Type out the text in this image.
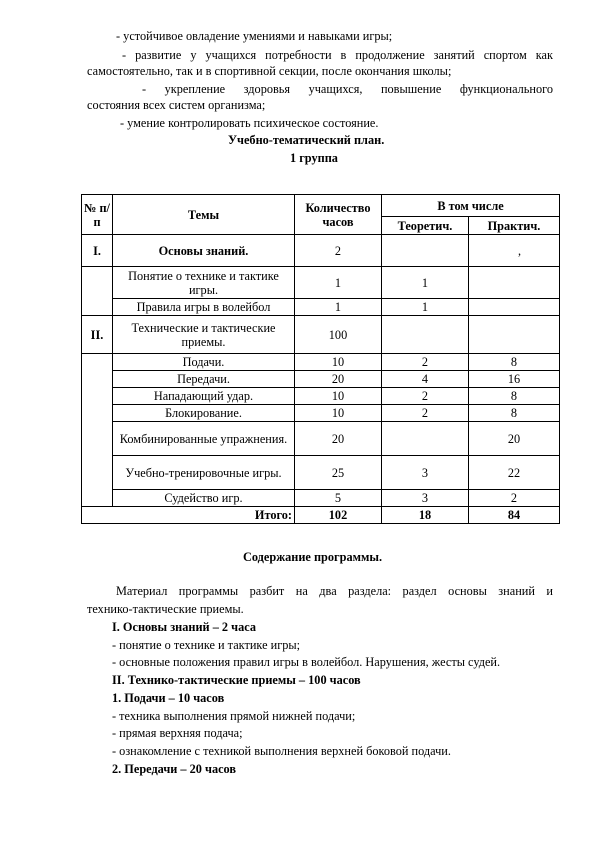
- устойчивое овладение умениями и навыками игры;
- развитие у учащихся потребности в продолжение занятий спортом как
самостоятельно, так и в спортивной секции, после окончания школы;
- укрепление здоровья учащихся, повышение функционального
состояния всех систем организма;
- умение контролировать психическое состояние.
Учебно-тематический план.
1 группа
№ п/п	Темы	Количество часов	В том числе	
			Теоретич.	Практич.
I.	Основы знаний.	2		,
	Понятие о технике и тактике игры.	1	1	
	Правила игры в волейбол	1	1	
II.	Технические и тактические приемы.	100		
	Подачи.	10	2	8
	Передачи.	20	4	16
	Нападающий удар.	10	2	8
	Блокирование.	10	2	8
	Комбинированные упражнения.	20		20
	Учебно-тренировочные игры.	25	3	22
	Судейство игр.	5	3	2
Итого:		102	18	84
Содержание программы.
Материал программы разбит на два раздела: раздел основы знаний и
технико-тактические приемы.
I. Основы знаний – 2 часа
- понятие о технике и тактике игры;
- основные положения правил игры в волейбол. Нарушения, жесты судей.
II. Технико-тактические приемы – 100 часов
1. Подачи – 10 часов
- техника выполнения прямой нижней подачи;
- прямая верхняя подача;
- ознакомление с техникой выполнения верхней боковой подачи.
2. Передачи – 20 часов
